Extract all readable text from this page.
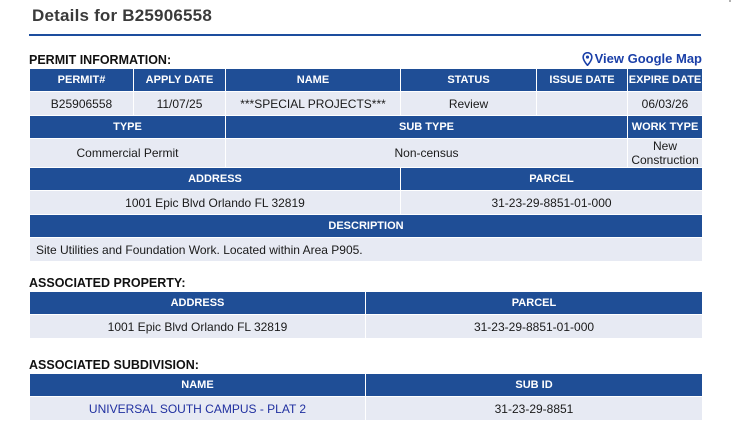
Details for B25906558
PERMIT INFORMATION:	View Google Map
PERMIT#	APPLY DATE	NAME	STATUS	ISSUE DATE	EXPIRE DATE
B25906558	11/07/25	***SPECIAL PROJECTS***	Review		06/03/26
TYPE		SUB TYPE			WORK TYPE
Commercial Permit		Non-census			New Construction
ADDRESS			PARCEL		
1001 Epic Blvd Orlando FL 32819			31-23-29-8851-01-000		
DESCRIPTION					
Site Utilities and Foundation Work. Located within Area P905.					
ASSOCIATED PROPERTY:
ADDRESS	PARCEL
1001 Epic Blvd Orlando FL 32819	31-23-29-8851-01-000
ASSOCIATED SUBDIVISION:
NAME	SUB ID
UNIVERSAL SOUTH CAMPUS - PLAT 2	31-23-29-8851
